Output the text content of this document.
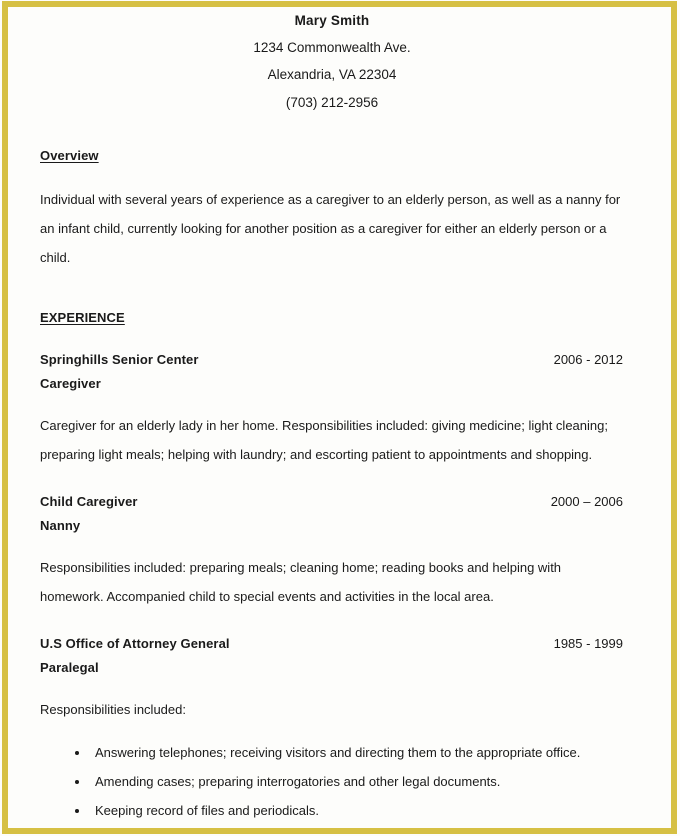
Mary Smith
1234 Commonwealth Ave.
Alexandria, VA 22304
(703) 212-2956
Overview

Individual with several years of experience as a caregiver to an elderly person, as well as a nanny for an infant child, currently looking for another position as a caregiver for either an elderly person or a child.

EXPERIENCE
Springhills Senior Center	2006 - 2012
Caregiver

Caregiver for an elderly lady in her home. Responsibilities included: giving medicine; light cleaning; preparing light meals; helping with laundry; and escorting patient to appointments and shopping.

Child Caregiver	2000 – 2006
Nanny

Responsibilities included: preparing meals; cleaning home; reading books and helping with homework. Accompanied child to special events and activities in the local area.

U.S Office of Attorney General	1985 - 1999
Paralegal

Responsibilities included:

Answering telephones; receiving visitors and directing them to the appropriate office.
Amending cases; preparing interrogatories and other legal documents.
Keeping record of files and periodicals.
